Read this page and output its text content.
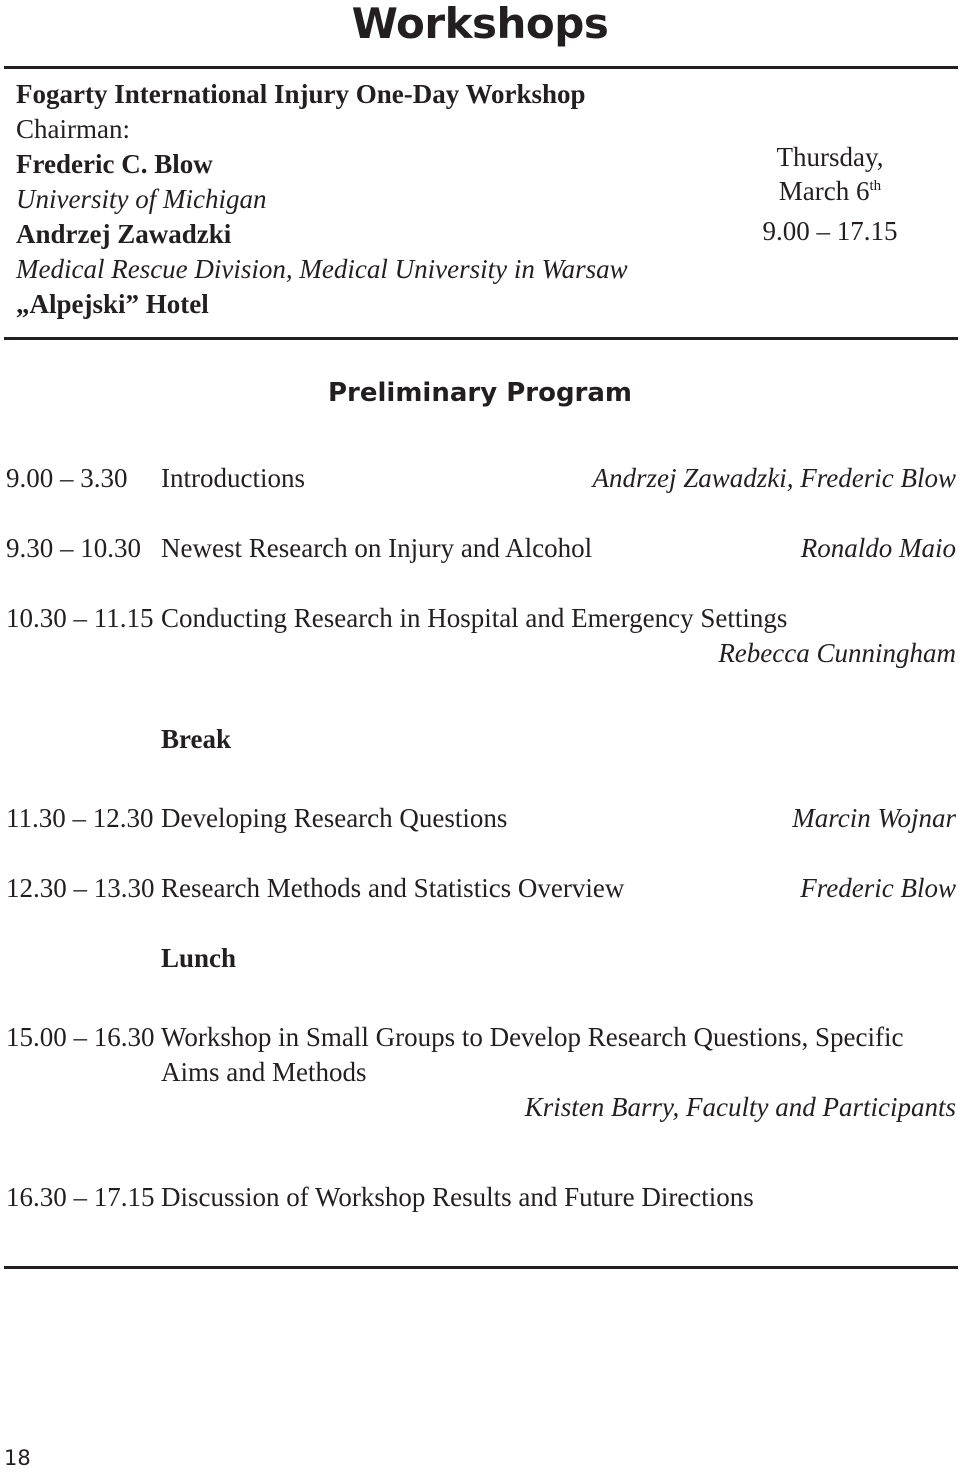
Workshops
Fogarty International Injury One-Day Workshop
Chairman:
Frederic C. Blow
University of Michigan
Andrzej Zawadzki
Medical Rescue Division, Medical University in Warsaw
„Alpejski” Hotel
Thursday,
March 6th
9.00 – 17.15
Preliminary Program
9.00 – 3.30 Introductions	Andrzej Zawadzki, Frederic Blow
9.30 – 10.30 Newest Research on Injury and Alcohol	Ronaldo Maio
10.30 – 11.15 Conducting Research in Hospital and Emergency Settings
Rebecca Cunningham
Break
11.30 – 12.30 Developing Research Questions	Marcin Wojnar
12.30 – 13.30 Research Methods and Statistics Overview	Frederic Blow
Lunch
15.00 – 16.30 Workshop in Small Groups to Develop Research Questions, Specific
Aims and Methods
Kristen Barry, Faculty and Participants
16.30 – 17.15 Discussion of Workshop Results and Future Directions
18
